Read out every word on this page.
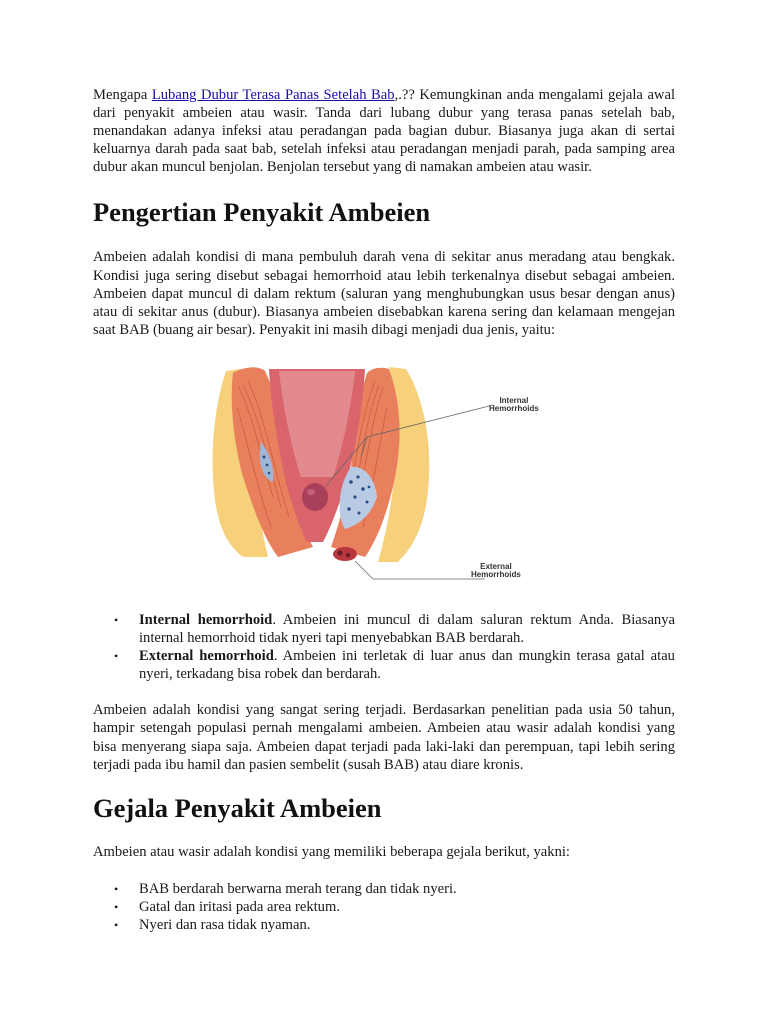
Mengapa Lubang Dubur Terasa Panas Setelah Bab,.?? Kemungkinan anda mengalami gejala awal dari penyakit ambeien atau wasir. Tanda dari lubang dubur yang terasa panas setelah bab, menandakan adanya infeksi atau peradangan pada bagian dubur. Biasanya juga akan di sertai keluarnya darah pada saat bab, setelah infeksi atau peradangan menjadi parah, pada samping area dubur akan muncul benjolan. Benjolan tersebut yang di namakan ambeien atau wasir.

Pengertian Penyakit Ambeien

Ambeien adalah kondisi di mana pembuluh darah vena di sekitar anus meradang atau bengkak. Kondisi juga sering disebut sebagai hemorrhoid atau lebih terkenalnya disebut sebagai ambeien. Ambeien dapat muncul di dalam rektum (saluran yang menghubungkan usus besar dengan anus) atau di sekitar anus (dubur). Biasanya ambeien disebabkan karena sering dan kelamaan mengejan saat BAB (buang air besar). Penyakit ini masih dibagi menjadi dua jenis, yaitu:

Internal
Hemorrhoids
External
Hemorrhoids
• Internal hemorrhoid. Ambeien ini muncul di dalam saluran rektum Anda. Biasanya internal hemorrhoid tidak nyeri tapi menyebabkan BAB berdarah.
• External hemorrhoid. Ambeien ini terletak di luar anus dan mungkin terasa gatal atau nyeri, terkadang bisa robek dan berdarah.

Ambeien adalah kondisi yang sangat sering terjadi. Berdasarkan penelitian pada usia 50 tahun, hampir setengah populasi pernah mengalami ambeien. Ambeien atau wasir adalah kondisi yang bisa menyerang siapa saja. Ambeien dapat terjadi pada laki-laki dan perempuan, tapi lebih sering terjadi pada ibu hamil dan pasien sembelit (susah BAB) atau diare kronis.

Gejala Penyakit Ambeien

Ambeien atau wasir adalah kondisi yang memiliki beberapa gejala berikut, yakni:

• BAB berdarah berwarna merah terang dan tidak nyeri.
• Gatal dan iritasi pada area rektum.
• Nyeri dan rasa tidak nyaman.
